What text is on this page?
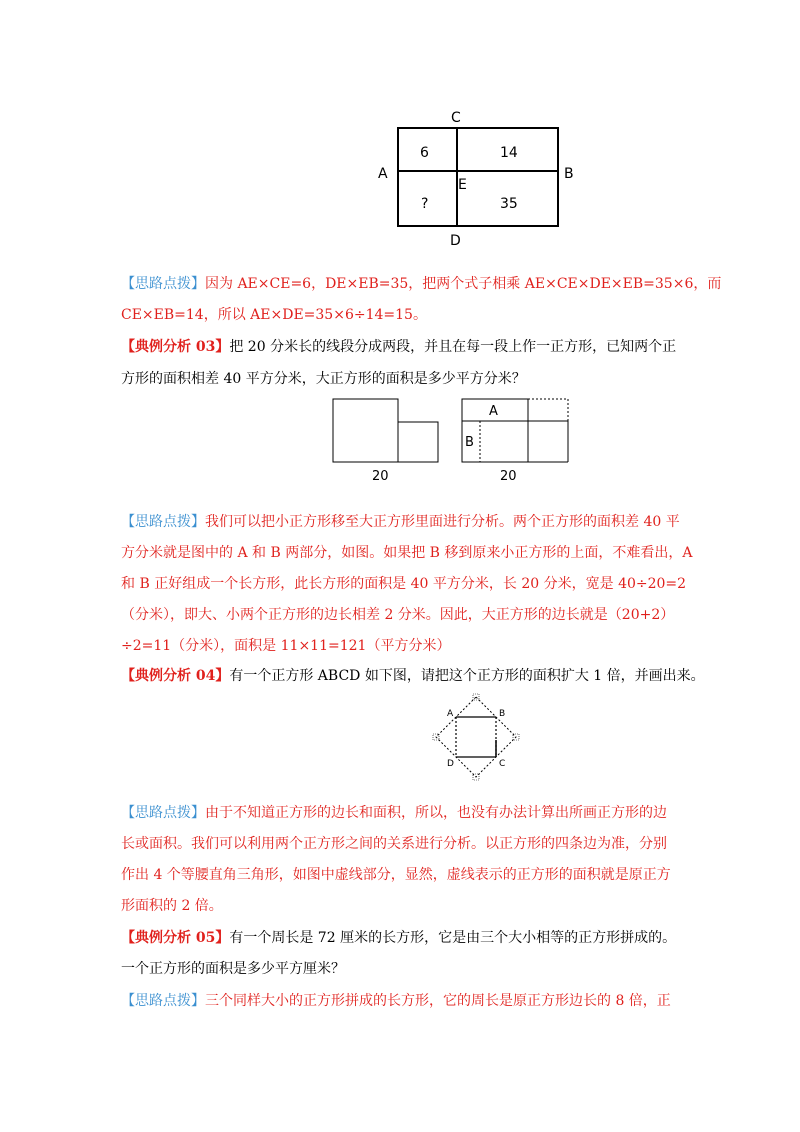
C
A	B
E
D
6	14
?	35
【思路点拨】因为 AE×CE=6，DE×EB=35，把两个式子相乘 AE×CE×DE×EB=35×6，而
CE×EB=14，所以 AE×DE=35×6÷14=15。
【典例分析 03】把 20 分米长的线段分成两段，并且在每一段上作一正方形，已知两个正
方形的面积相差 40 平方分米，大正方形的面积是多少平方分米？
20
A
B
20
【思路点拨】我们可以把小正方形移至大正方形里面进行分析。两个正方形的面积差 40 平
方分米就是图中的 A 和 B 两部分，如图。如果把 B 移到原来小正方形的上面，不难看出，A
和 B 正好组成一个长方形，此长方形的面积是 40 平方分米，长 20 分米，宽是 40÷20=2
（分米），即大、小两个正方形的边长相差 2 分米。因此，大正方形的边长就是（20+2）
÷2=11（分米），面积是 11×11=121（平方分米）
【典例分析 04】有一个正方形 ABCD 如下图，请把这个正方形的面积扩大 1 倍，并画出来。
A	B
C
D
【思路点拨】由于不知道正方形的边长和面积，所以，也没有办法计算出所画正方形的边
长或面积。我们可以利用两个正方形之间的关系进行分析。以正方形的四条边为准，分别
作出 4 个等腰直角三角形，如图中虚线部分，显然，虚线表示的正方形的面积就是原正方
形面积的 2 倍。
【典例分析 05】有一个周长是 72 厘米的长方形，它是由三个大小相等的正方形拼成的。
一个正方形的面积是多少平方厘米？
【思路点拨】三个同样大小的正方形拼成的长方形，它的周长是原正方形边长的 8 倍，正
